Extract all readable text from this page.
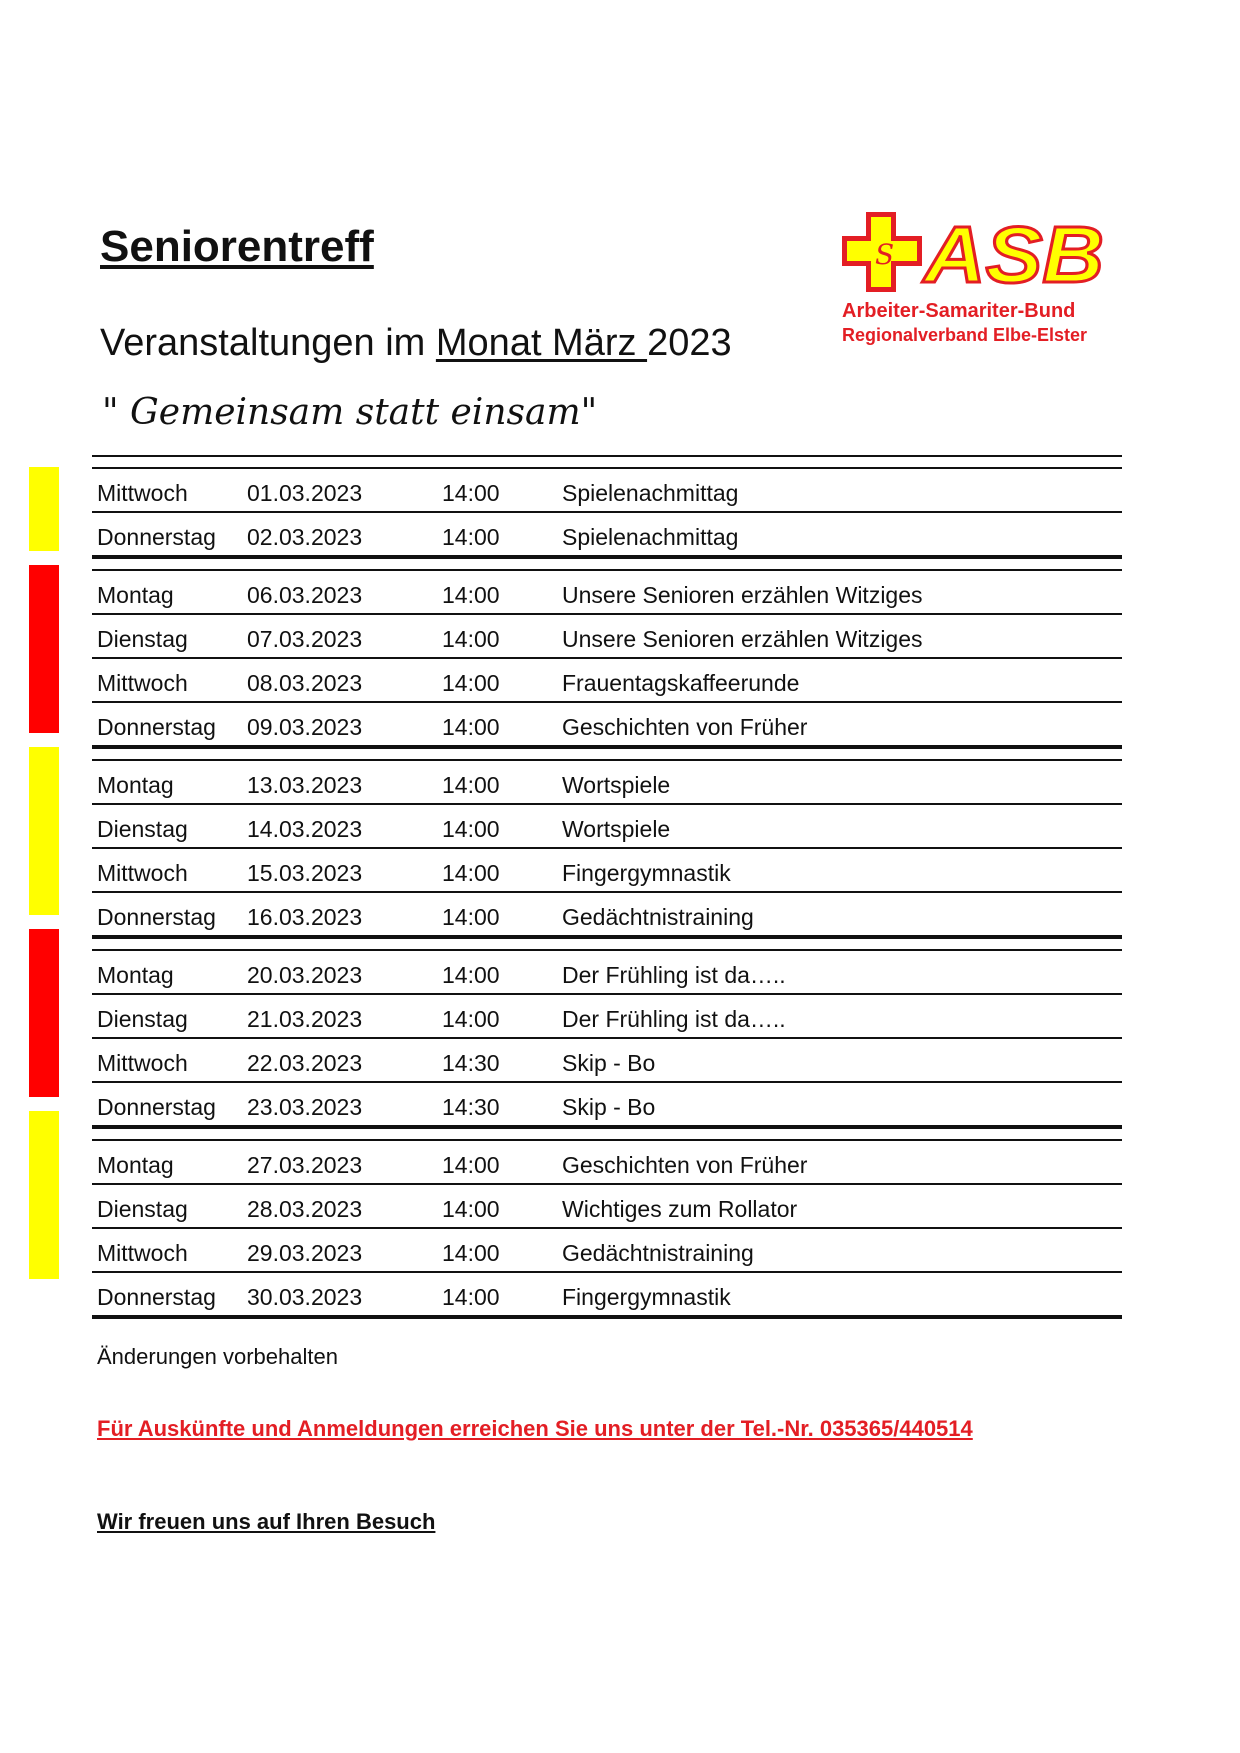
Seniorentreff

Veranstaltungen im Monat März 2023

" Gemeinsam statt einsam"
S ASB
Arbeiter-Samariter-Bund
Regionalverband Elbe-Elster
Mittwoch	01.03.2023	14:00	Spielenachmittag
Donnerstag 02.03.2023	14:00	Spielenachmittag
Montag	06.03.2023	14:00	Unsere Senioren erzählen Witziges
Dienstag	07.03.2023	14:00	Unsere Senioren erzählen Witziges
Mittwoch	08.03.2023	14:00	Frauentagskaffeerunde
Donnerstag 09.03.2023	14:00	Geschichten von Früher
Montag	13.03.2023	14:00	Wortspiele
Dienstag	14.03.2023	14:00	Wortspiele
Mittwoch	15.03.2023	14:00	Fingergymnastik
Donnerstag 16.03.2023	14:00	Gedächtnistraining
Montag	20.03.2023	14:00	Der Frühling ist da…..
Dienstag	21.03.2023	14:00	Der Frühling ist da…..
Mittwoch	22.03.2023	14:30	Skip - Bo
Donnerstag 23.03.2023	14:30	Skip - Bo
Montag	27.03.2023	14:00	Geschichten von Früher
Dienstag	28.03.2023	14:00	Wichtiges zum Rollator
Mittwoch	29.03.2023	14:00	Gedächtnistraining
Donnerstag 30.03.2023	14:00	Fingergymnastik
Änderungen vorbehalten
Für Auskünfte und Anmeldungen erreichen Sie uns unter der Tel.-Nr. 035365/440514
Wir freuen uns auf Ihren Besuch
